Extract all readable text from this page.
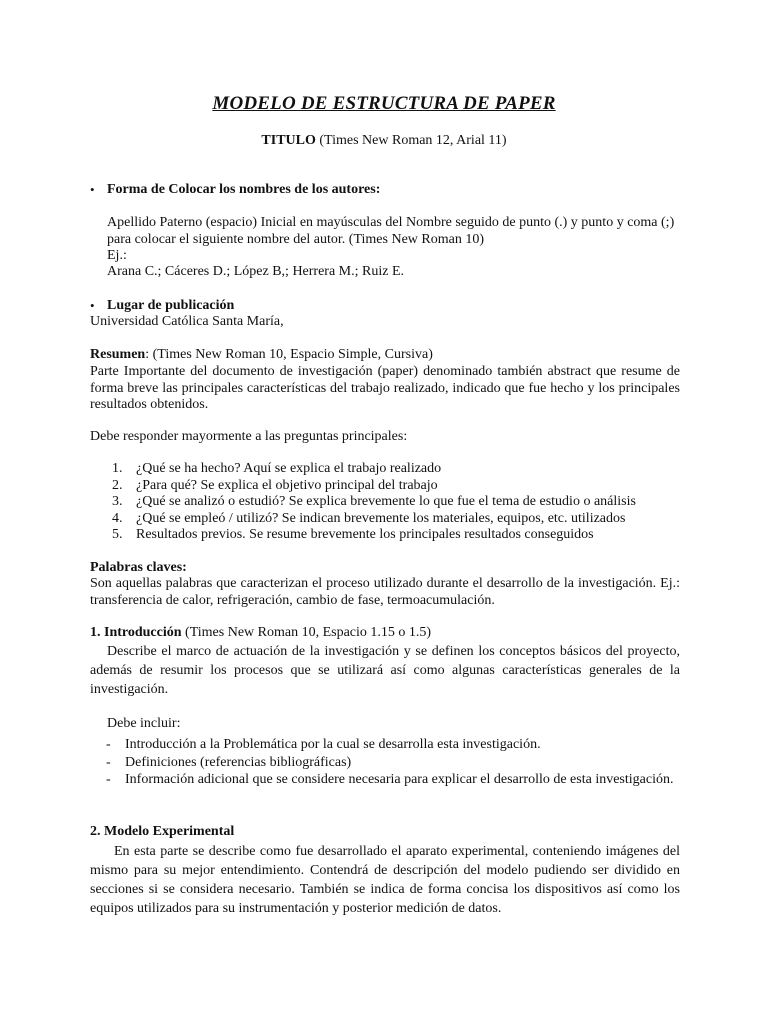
MODELO DE ESTRUCTURA DE PAPER
TITULO (Times New Roman 12, Arial 11)
• Forma de Colocar los nombres de los autores:
Apellido Paterno (espacio) Inicial en mayúsculas del Nombre seguido de punto (.) y punto y coma (;)
para colocar el siguiente nombre del autor. (Times New Roman 10)
Ej.:
Arana C.; Cáceres D.; López B,; Herrera M.; Ruiz E.
• Lugar de publicación
Universidad Católica Santa María,
Resumen: (Times New Roman 10, Espacio Simple, Cursiva)
Parte Importante del documento de investigación (paper) denominado también abstract que resume de forma breve las principales características del trabajo realizado, indicado que fue hecho y los principales resultados obtenidos.
Debe responder mayormente a las preguntas principales:
1. ¿Qué se ha hecho? Aquí se explica el trabajo realizado
2. ¿Para qué? Se explica el objetivo principal del trabajo
3. ¿Qué se analizó o estudió? Se explica brevemente lo que fue el tema de estudio o análisis
4. ¿Qué se empleó / utilizó? Se indican brevemente los materiales, equipos, etc. utilizados
5. Resultados previos. Se resume brevemente los principales resultados conseguidos
Palabras claves:
Son aquellas palabras que caracterizan el proceso utilizado durante el desarrollo de la investigación. Ej.: transferencia de calor, refrigeración, cambio de fase, termoacumulación.
1. Introducción (Times New Roman 10, Espacio 1.15 o 1.5)
Describe el marco de actuación de la investigación y se definen los conceptos básicos del proyecto, además de resumir los procesos que se utilizará así como algunas características generales de la investigación.
Debe incluir:
- Introducción a la Problemática por la cual se desarrolla esta investigación.
- Definiciones (referencias bibliográficas)
- Información adicional que se considere necesaria para explicar el desarrollo de esta investigación.
2. Modelo Experimental
En esta parte se describe como fue desarrollado el aparato experimental, conteniendo imágenes del mismo para su mejor entendimiento. Contendrá de descripción del modelo pudiendo ser dividido en secciones si se considera necesario. También se indica de forma concisa los dispositivos así como los equipos utilizados para su instrumentación y posterior medición de datos.
